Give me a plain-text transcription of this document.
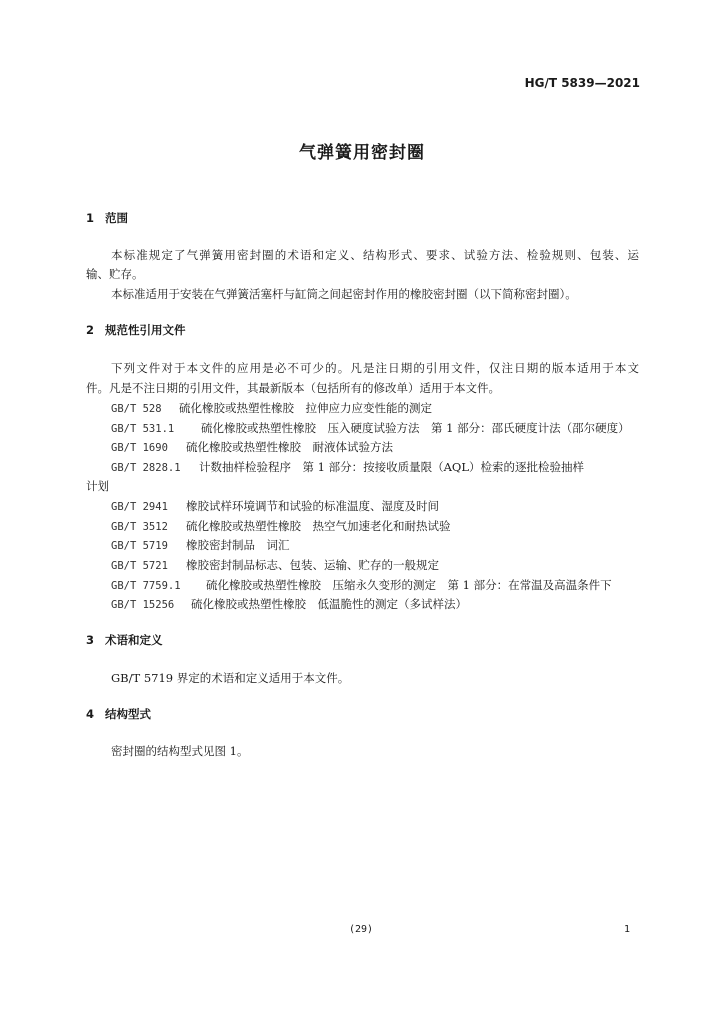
HG/T 5839—2021
气弹簧用密封圈
1 范围
本标准规定了气弹簧用密封圈的术语和定义、结构形式、要求、试验方法、检验规则、包装、运
输、贮存。
本标准适用于安装在气弹簧活塞杆与缸筒之间起密封作用的橡胶密封圈（以下简称密封圈）。
2 规范性引用文件
下列文件对于本文件的应用是必不可少的。凡是注日期的引用文件，仅注日期的版本适用于本文
件。凡是不注日期的引用文件，其最新版本（包括所有的修改单）适用于本文件。
GB/T 528 硫化橡胶或热塑性橡胶　拉伸应力应变性能的测定
GB/T 531.1 硫化橡胶或热塑性橡胶　压入硬度试验方法　第 1 部分：邵氏硬度计法（邵尔硬度）
GB/T 1690 硫化橡胶或热塑性橡胶　耐液体试验方法
GB/T 2828.1 计数抽样检验程序　第 1 部分：按接收质量限（AQL）检索的逐批检验抽样
计划
GB/T 2941 橡胶试样环境调节和试验的标准温度、湿度及时间
GB/T 3512 硫化橡胶或热塑性橡胶　热空气加速老化和耐热试验
GB/T 5719 橡胶密封制品　词汇
GB/T 5721 橡胶密封制品标志、包装、运输、贮存的一般规定
GB/T 7759.1 硫化橡胶或热塑性橡胶　压缩永久变形的测定　第 1 部分：在常温及高温条件下
GB/T 15256 硫化橡胶或热塑性橡胶　低温脆性的测定（多试样法）
3 术语和定义
GB/T 5719 界定的术语和定义适用于本文件。
4 结构型式
密封圈的结构型式见图 1。
(29)	1
